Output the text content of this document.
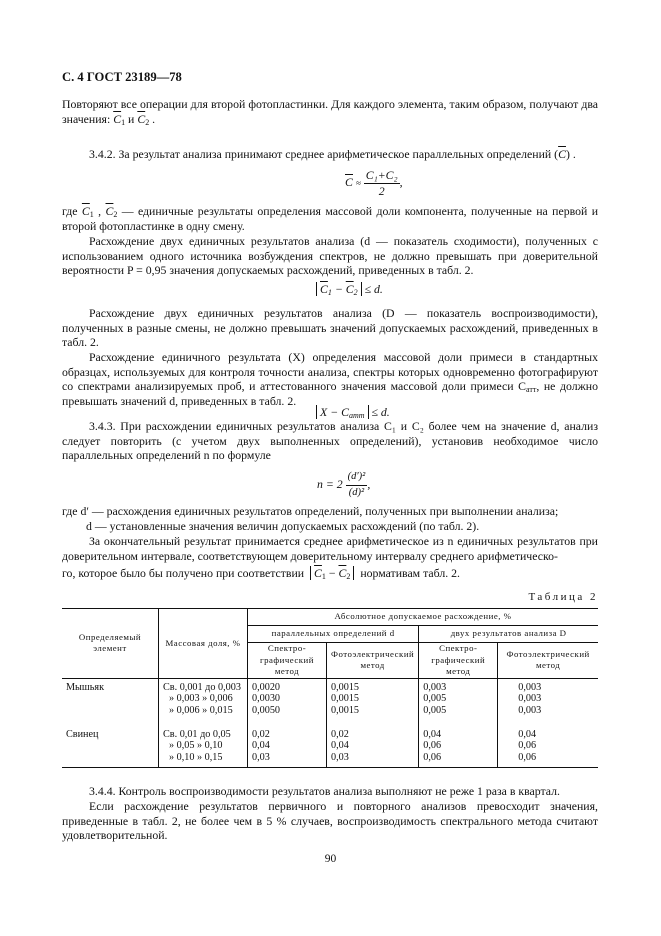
С. 4 ГОСТ 23189—78
Повторяют все операции для второй фотопластинки. Для каждого элемента, таким образом, получают два значения: $\overline{C}_1$ и $\overline{C}_2$ .
3.4.2. За результат анализа принимают среднее арифметическое параллельных определений $(\overline{C})$ .
$\overline{C} \approx \frac{\text{C₁+C₂}}{2}$ ,
где $\overline{C}_1$ , $\overline{C}_2$ — единичные результаты определения массовой доли компонента, полученные на первой и второй фотопластинке в одну смену.
Расхождение двух единичных результатов анализа (d — показатель сходимости), полученных с использованием одного источника возбуждения спектров, не должно превышать при доверительной вероятности P = 0,95 значения допускаемых расхождений, приведенных в табл. 2.
$\overline{C}_1 - \overline{C}_2 \le d$.
Расхождение двух единичных результатов анализа (D — показатель воспроизводимости), полученных в разные смены, не должно превышать значений допускаемых расхождений, приведенных в табл. 2.
Расхождение единичного результата (X) определения массовой доли примеси в стандартных образцах, используемых для контроля точности анализа, спектры которых одновременно фотографируют со спектрами анализируемых проб, и аттестованного значения массовой доли примеси $C_{атт}$, не должно превышать значений d, приведенных в табл. 2.
$X - C_{атт} \le d$.
3.4.3. При расхождении единичных результатов анализа C₁ и C₂ более чем на значение d, анализ следует повторить (с учетом двух выполненных определений), установив необходимое число параллельных определений n по формуле
$n = 2 \frac{\text{(d′)²}}{\text{(d)²}}$ ,
где d′ — расхождения единичных результатов определений, полученных при выполнении анализа;
d — установленные значения величин допускаемых расхождений (по табл. 2).
За окончательный результат принимается среднее арифметическое из n единичных результатов при доверительном интервале, соответствующем доверительному интервалу среднего арифметическо-
го, которое было бы получено при соответствии $\overline{C}_1 - \overline{C}_2$ нормативам табл. 2.
Таблица 2
Определяемый элемент	Массовая доля, %	Абсолютное допускаемое расхождение, %			
		параллельных определений d		двух результатов анализа D	
		Спектро-графический метод	Фотоэлектрический метод	Спектро-графический метод	Фотоэлектрический метод
Мышьяк	Св. 0,001 до 0,003	0,0020	0,0015	0,003	0,003
	» 0,003 » 0,006	0,0030	0,0015	0,005	0,003
	» 0,006 » 0,015	0,0050	0,0015	0,005	0,003

Свинец	Св. 0,01 до 0,05	0,02	0,02	0,04	0,04
	» 0,05 » 0,10	0,04	0,04	0,06	0,06
	» 0,10 » 0,15	0,03	0,03	0,06	0,06
3.4.4. Контроль воспроизводимости результатов анализа выполняют не реже 1 раза в квартал.
Если расхождение результатов первичного и повторного анализов превосходит значения, приведенные в табл. 2, не более чем в 5 % случаев, воспроизводимость спектрального метода считают удовлетворительной.
90
